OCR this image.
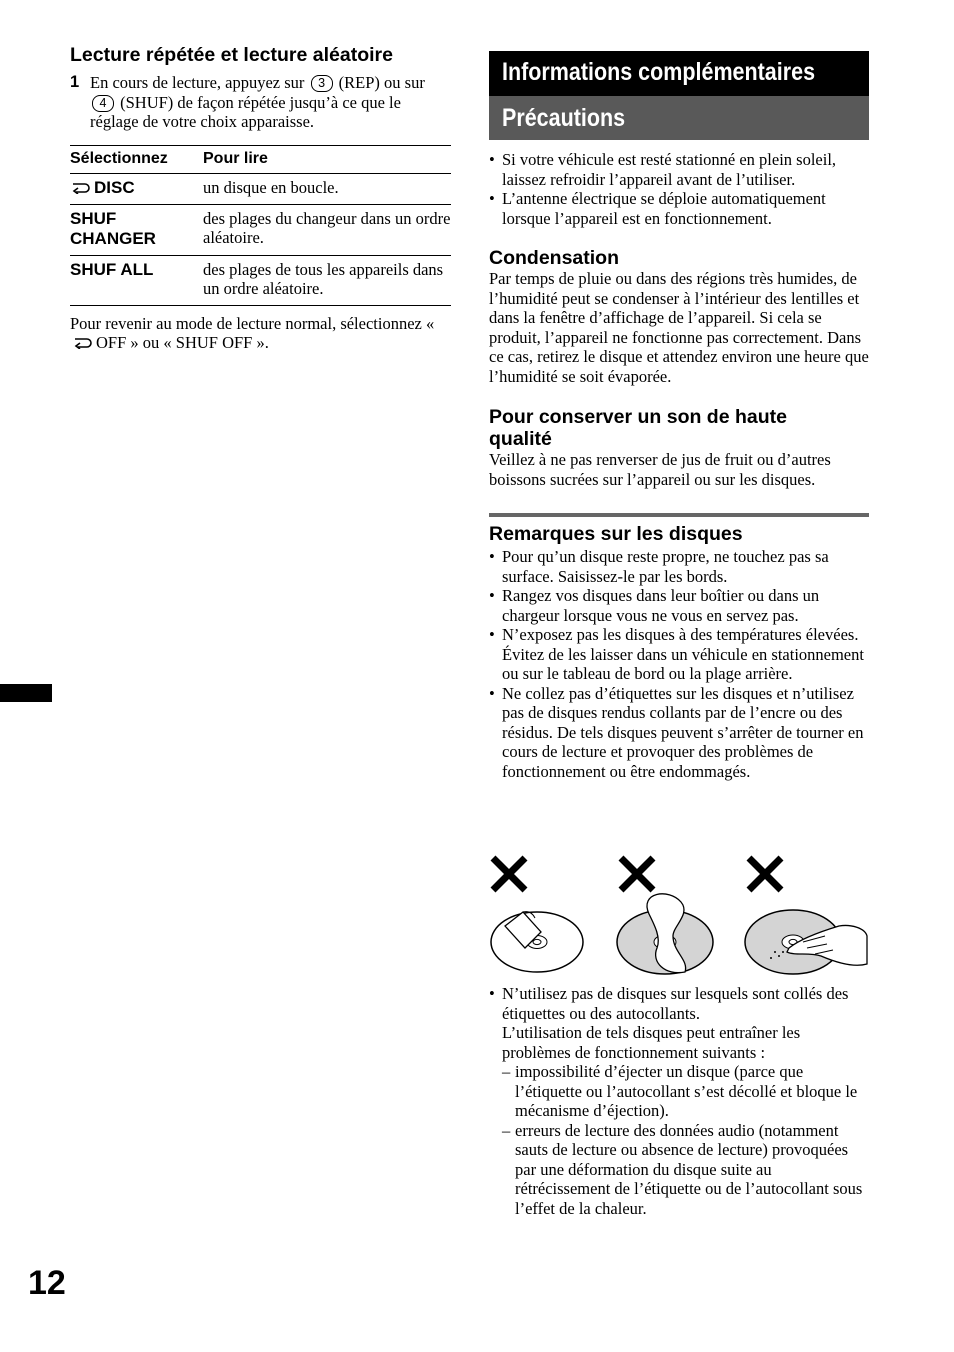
Lecture répétée et lecture aléatoire
1 En cours de lecture, appuyez sur 3 (REP) ou sur 4 (SHUF) de façon répétée jusqu’à ce que le réglage de votre choix apparaisse.
Sélectionnez	Pour lire
DISC	un disque en boucle.
SHUF
CHANGER	des plages du changeur dans un ordre aléatoire.
SHUF ALL	des plages de tous les appareils dans un ordre aléatoire.

Pour revenir au mode de lecture normal, sélectionnez « OFF » ou « SHUF OFF ».

12
Informations complémentaires
Précautions
• Si votre véhicule est resté stationné en plein soleil, laissez refroidir l’appareil avant de l’utiliser.
• L’antenne électrique se déploie automatiquement lorsque l’appareil est en fonctionnement.
Condensation

Par temps de pluie ou dans des régions très humides, de l’humidité peut se condenser à l’intérieur des lentilles et dans la fenêtre d’affichage de l’appareil. Si cela se produit, l’appareil ne fonctionne pas correctement. Dans ce cas, retirez le disque et attendez environ une heure que l’humidité se soit évaporée.

Pour conserver un son de haute qualité

Veillez à ne pas renverser de jus de fruit ou d’autres boissons sucrées sur l’appareil ou sur les disques.

Remarques sur les disques
• Pour qu’un disque reste propre, ne touchez pas sa surface. Saisissez-le par les bords.
• Rangez vos disques dans leur boîtier ou dans un chargeur lorsque vous ne vous en servez pas.
• N’exposez pas les disques à des températures élevées. Évitez de les laisser dans un véhicule en stationnement ou sur le tableau de bord ou la plage arrière.
• Ne collez pas d’étiquettes sur les disques et n’utilisez pas de disques rendus collants par de l’encre ou des résidus. De tels disques peuvent s’arrêter de tourner en cours de lecture et provoquer des problèmes de fonctionnement ou être endommagés.
• N’utilisez pas de disques sur lesquels sont collés des étiquettes ou des autocollants.
L’utilisation de tels disques peut entraîner les problèmes de fonctionnement suivants :
– impossibilité d’éjecter un disque (parce que l’étiquette ou l’autocollant s’est décollé et bloque le mécanisme d’éjection).
– erreurs de lecture des données audio (notamment sauts de lecture ou absence de lecture) provoquées par une déformation du disque suite au rétrécissement de l’étiquette ou de l’autocollant sous l’effet de la chaleur.
